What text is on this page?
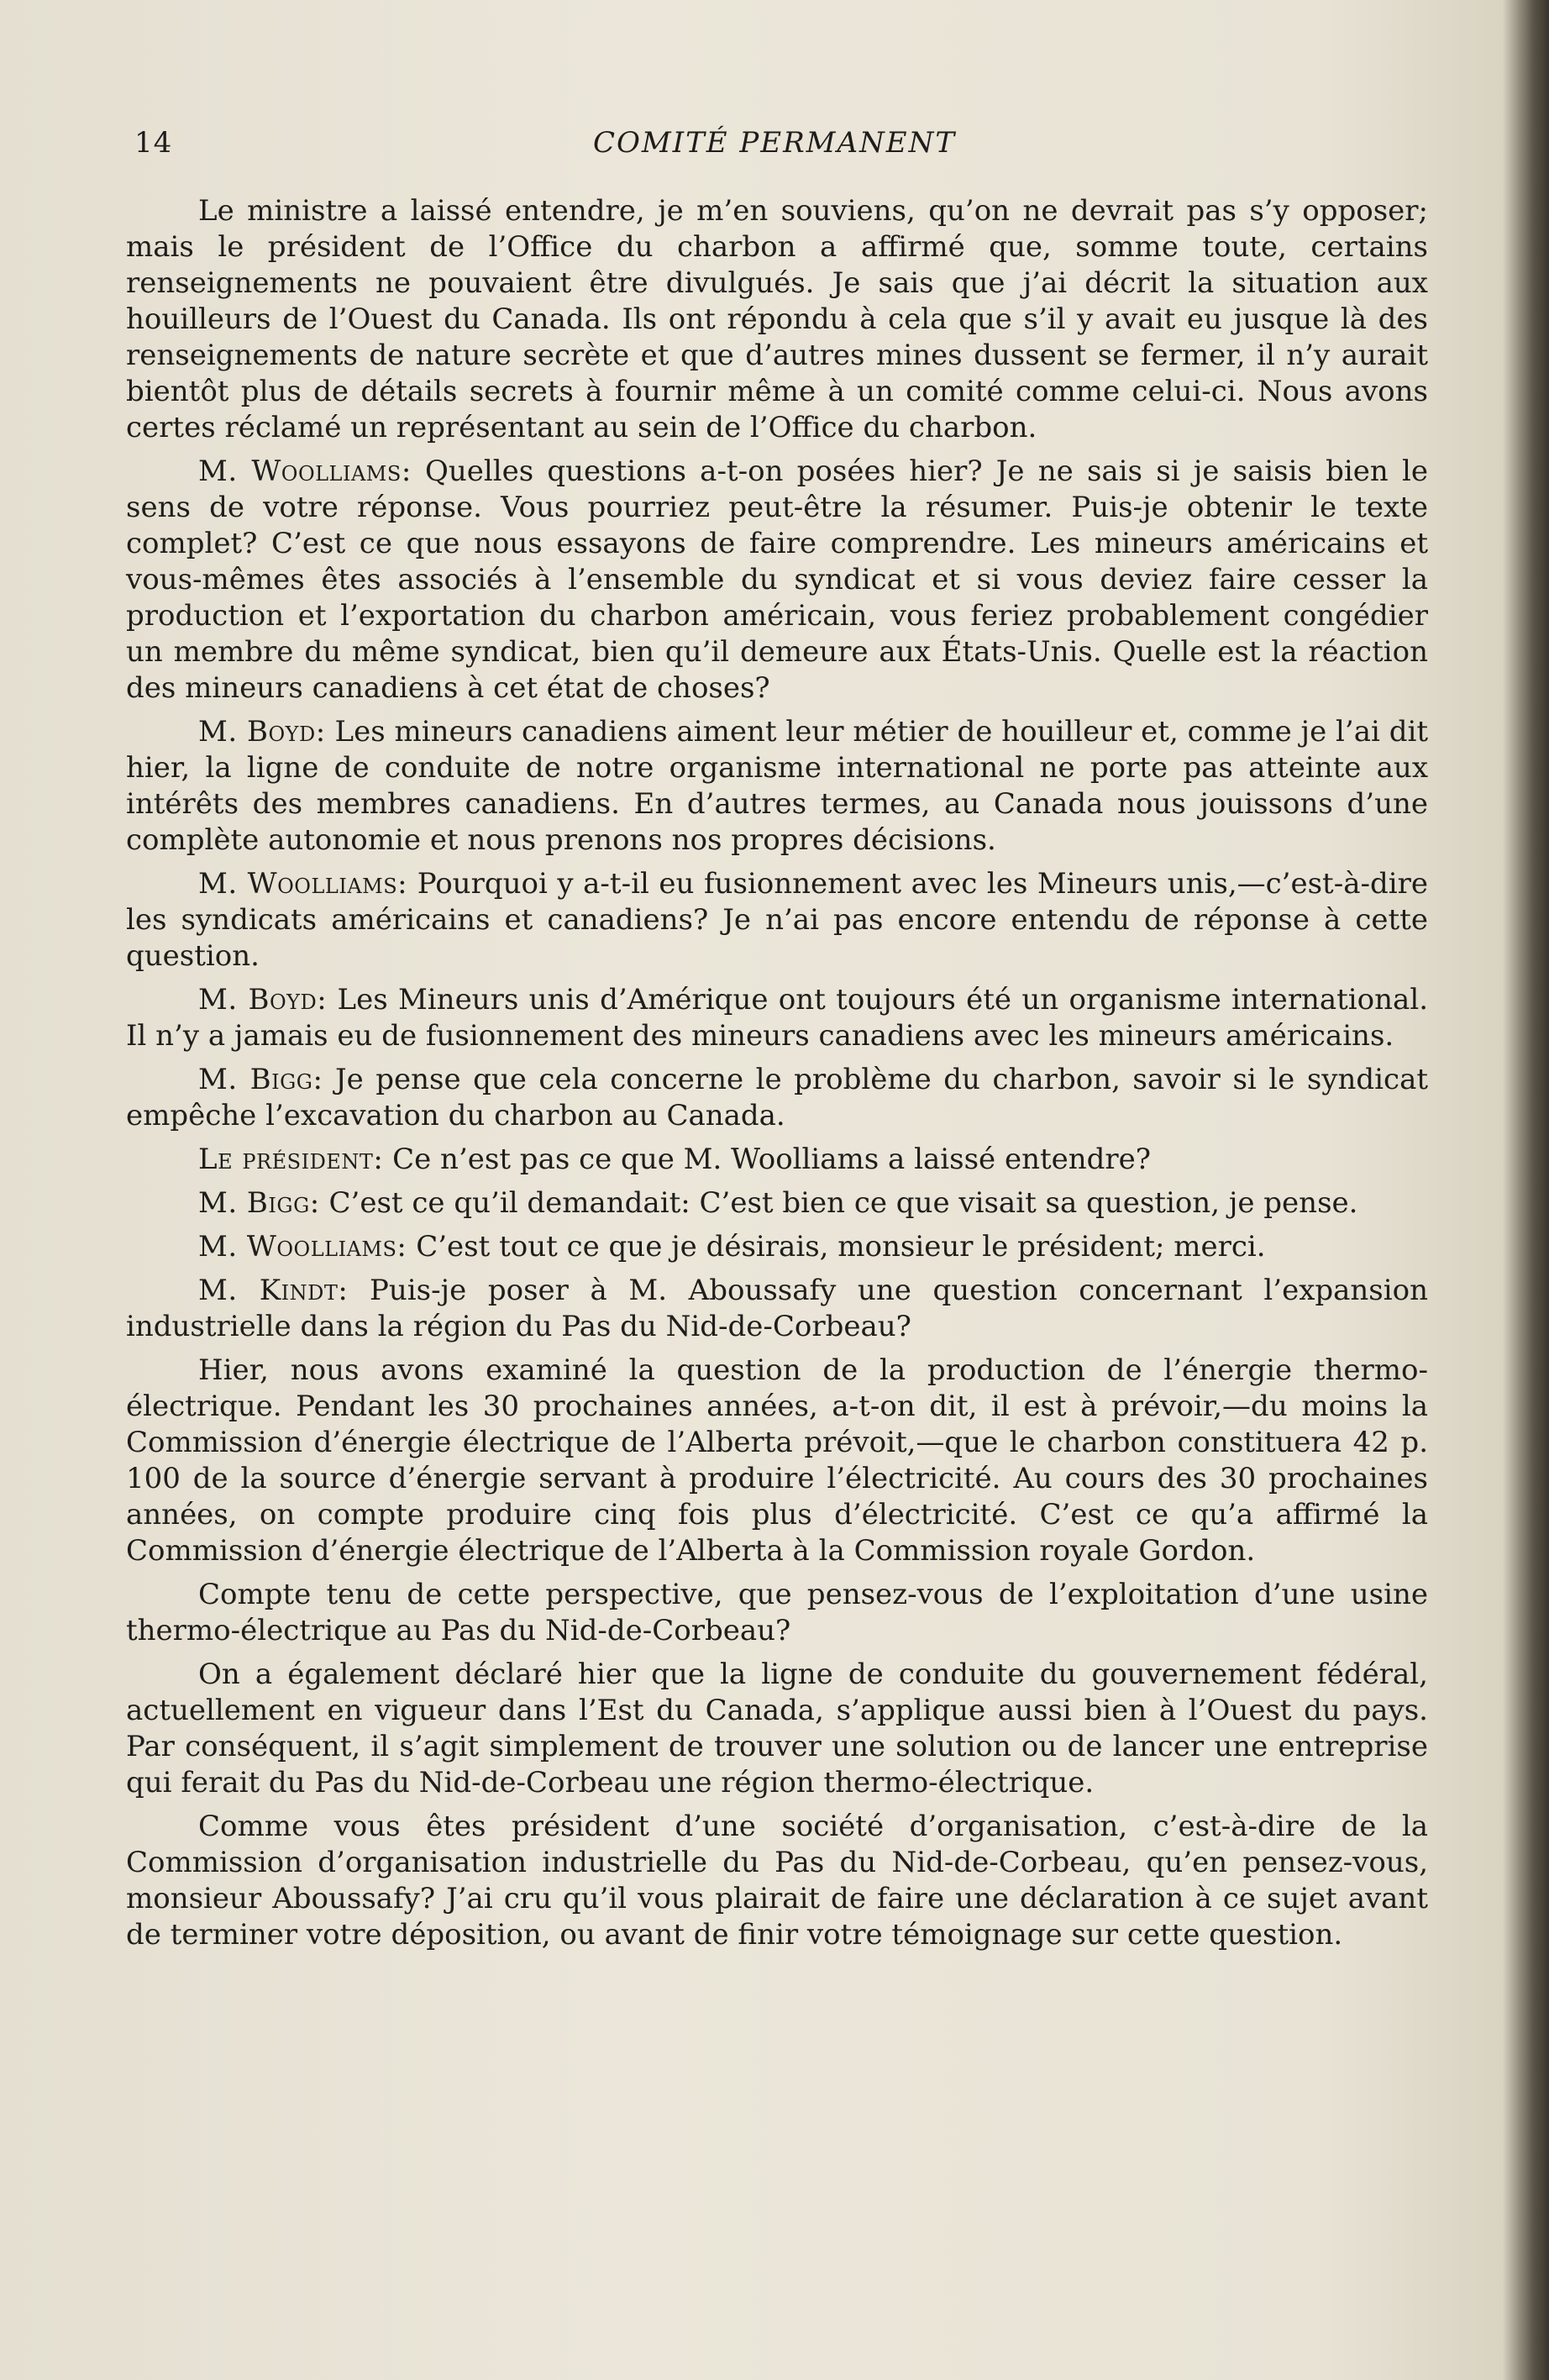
14	COMITÉ PERMANENT

Le ministre a laissé entendre, je m’en souviens, qu’on ne devrait pas s’y opposer; mais le président de l’Office du charbon a affirmé que, somme toute, certains renseignements ne pouvaient être divulgués. Je sais que j’ai décrit la situation aux houilleurs de l’Ouest du Canada. Ils ont répondu à cela que s’il y avait eu jusque là des renseignements de nature secrète et que d’autres mines dussent se fermer, il n’y aurait bientôt plus de détails secrets à fournir même à un comité comme celui-ci. Nous avons certes réclamé un représentant au sein de l’Office du charbon.

M. Woolliams: Quelles questions a-t-on posées hier? Je ne sais si je saisis bien le sens de votre réponse. Vous pourriez peut-être la résumer. Puis-je obtenir le texte complet? C’est ce que nous essayons de faire comprendre. Les mineurs américains et vous-mêmes êtes associés à l’ensemble du syndicat et si vous deviez faire cesser la production et l’exportation du charbon américain, vous feriez probablement congédier un membre du même syndicat, bien qu’il demeure aux États-Unis. Quelle est la réaction des mineurs canadiens à cet état de choses?

M. Boyd: Les mineurs canadiens aiment leur métier de houilleur et, comme je l’ai dit hier, la ligne de conduite de notre organisme international ne porte pas atteinte aux intérêts des membres canadiens. En d’autres termes, au Canada nous jouissons d’une complète autonomie et nous prenons nos propres décisions.

M. Woolliams: Pourquoi y a-t-il eu fusionnement avec les Mineurs unis,—c’est-à-dire les syndicats américains et canadiens? Je n’ai pas encore entendu de réponse à cette question.

M. Boyd: Les Mineurs unis d’Amérique ont toujours été un organisme international. Il n’y a jamais eu de fusionnement des mineurs canadiens avec les mineurs américains.

M. Bigg: Je pense que cela concerne le problème du charbon, savoir si le syndicat empêche l’excavation du charbon au Canada.

Le président: Ce n’est pas ce que M. Woolliams a laissé entendre?

M. Bigg: C’est ce qu’il demandait: C’est bien ce que visait sa question, je pense.

M. Woolliams: C’est tout ce que je désirais, monsieur le président; merci.

M. Kindt: Puis-je poser à M. Aboussafy une question concernant l’expansion industrielle dans la région du Pas du Nid-de-Corbeau?

Hier, nous avons examiné la question de la production de l’énergie thermo-électrique. Pendant les 30 prochaines années, a-t-on dit, il est à prévoir,—du moins la Commission d’énergie électrique de l’Alberta prévoit,—que le charbon constituera 42 p. 100 de la source d’énergie servant à produire l’électricité. Au cours des 30 prochaines années, on compte produire cinq fois plus d’électricité. C’est ce qu’a affirmé la Commission d’énergie électrique de l’Alberta à la Commission royale Gordon.

Compte tenu de cette perspective, que pensez-vous de l’exploitation d’une usine thermo-électrique au Pas du Nid-de-Corbeau?

On a également déclaré hier que la ligne de conduite du gouvernement fédéral, actuellement en vigueur dans l’Est du Canada, s’applique aussi bien à l’Ouest du pays. Par conséquent, il s’agit simplement de trouver une solution ou de lancer une entreprise qui ferait du Pas du Nid-de-Corbeau une région thermo-électrique.

Comme vous êtes président d’une société d’organisation, c’est-à-dire de la Commission d’organisation industrielle du Pas du Nid-de-Corbeau, qu’en pensez-vous, monsieur Aboussafy? J’ai cru qu’il vous plairait de faire une déclaration à ce sujet avant de terminer votre déposition, ou avant de finir votre témoignage sur cette question.
